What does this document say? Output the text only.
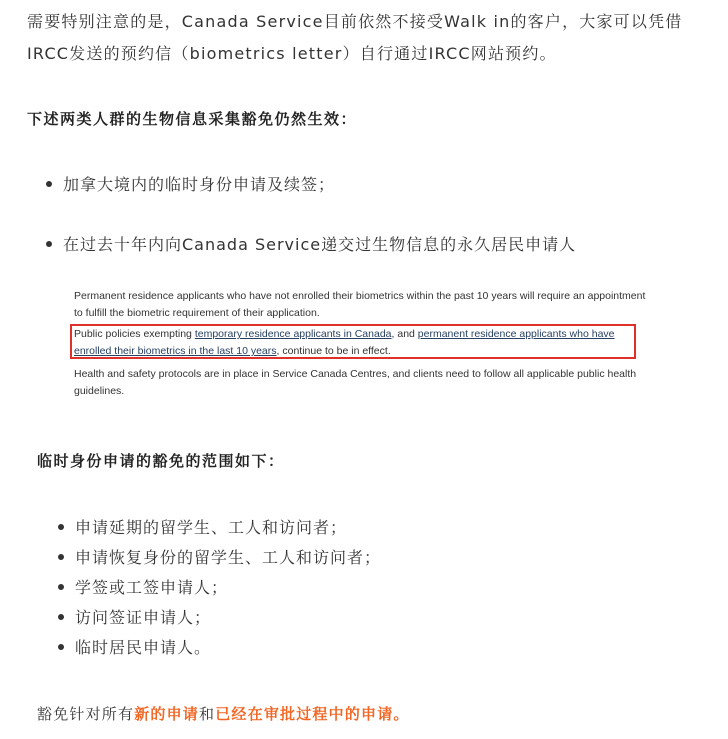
需要特别注意的是，Canada Service目前依然不接受Walk in的客户，大家可以凭借

IRCC发送的预约信（biometrics letter）自行通过IRCC网站预约。

下述两类人群的生物信息采集豁免仍然生效：

加拿大境内的临时身份申请及续签；
在过去十年内向Canada Service递交过生物信息的永久居民申请人

Permanent residence applicants who have not enrolled their biometrics within the past 10 years will require an appointment to fulfill the biometric requirement of their application.

Public policies exempting temporary residence applicants in Canada, and permanent residence applicants who have enrolled their biometrics in the last 10 years, continue to be in effect.

Health and safety protocols are in place in Service Canada Centres, and clients need to follow all applicable public health guidelines.

临时身份申请的豁免的范围如下：

申请延期的留学生、工人和访问者；
申请恢复身份的留学生、工人和访问者；
学签或工签申请人；
访问签证申请人；
临时居民申请人。

豁免针对所有新的申请和已经在审批过程中的申请。
